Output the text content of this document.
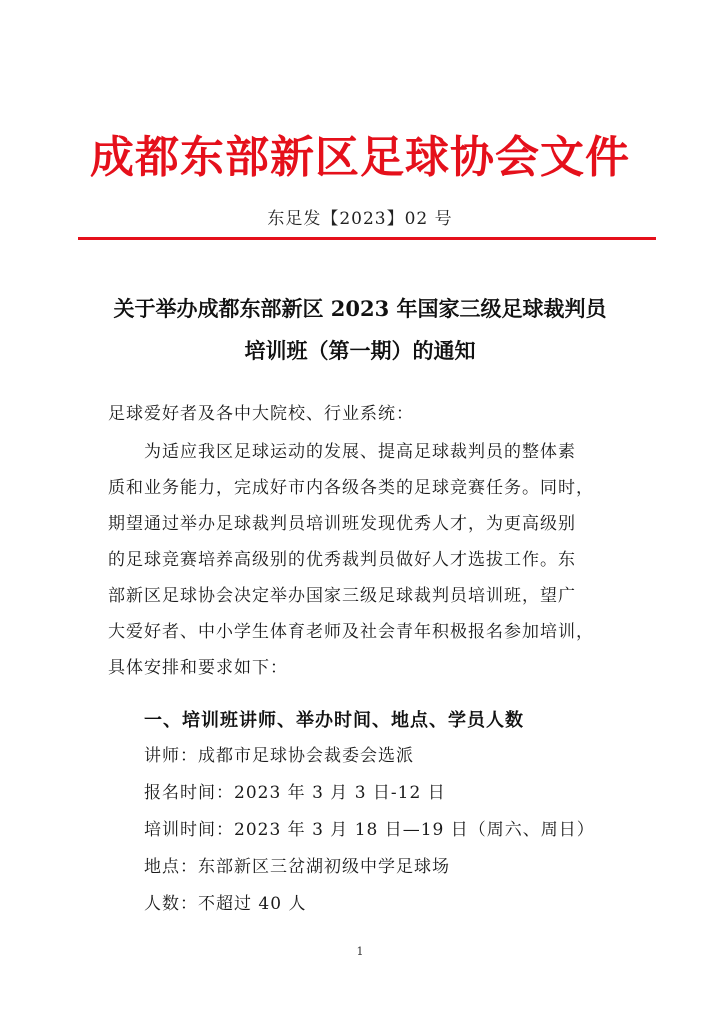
成都东部新区足球协会文件
东足发【2023】02 号
关于举办成都东部新区 2023 年国家三级足球裁判员
培训班（第一期）的通知
足球爱好者及各中大院校、行业系统：
为适应我区足球运动的发展、提高足球裁判员的整体素
质和业务能力，完成好市内各级各类的足球竞赛任务。同时，
期望通过举办足球裁判员培训班发现优秀人才，为更高级别
的足球竞赛培养高级别的优秀裁判员做好人才选拔工作。东
部新区足球协会决定举办国家三级足球裁判员培训班，望广
大爱好者、中小学生体育老师及社会青年积极报名参加培训，
具体安排和要求如下：
一、培训班讲师、举办时间、地点、学员人数
讲师：成都市足球协会裁委会选派
报名时间：2023 年 3 月 3 日-12 日
培训时间：2023 年 3 月 18 日—19 日（周六、周日）
地点：东部新区三岔湖初级中学足球场
人数：不超过 40 人
1
